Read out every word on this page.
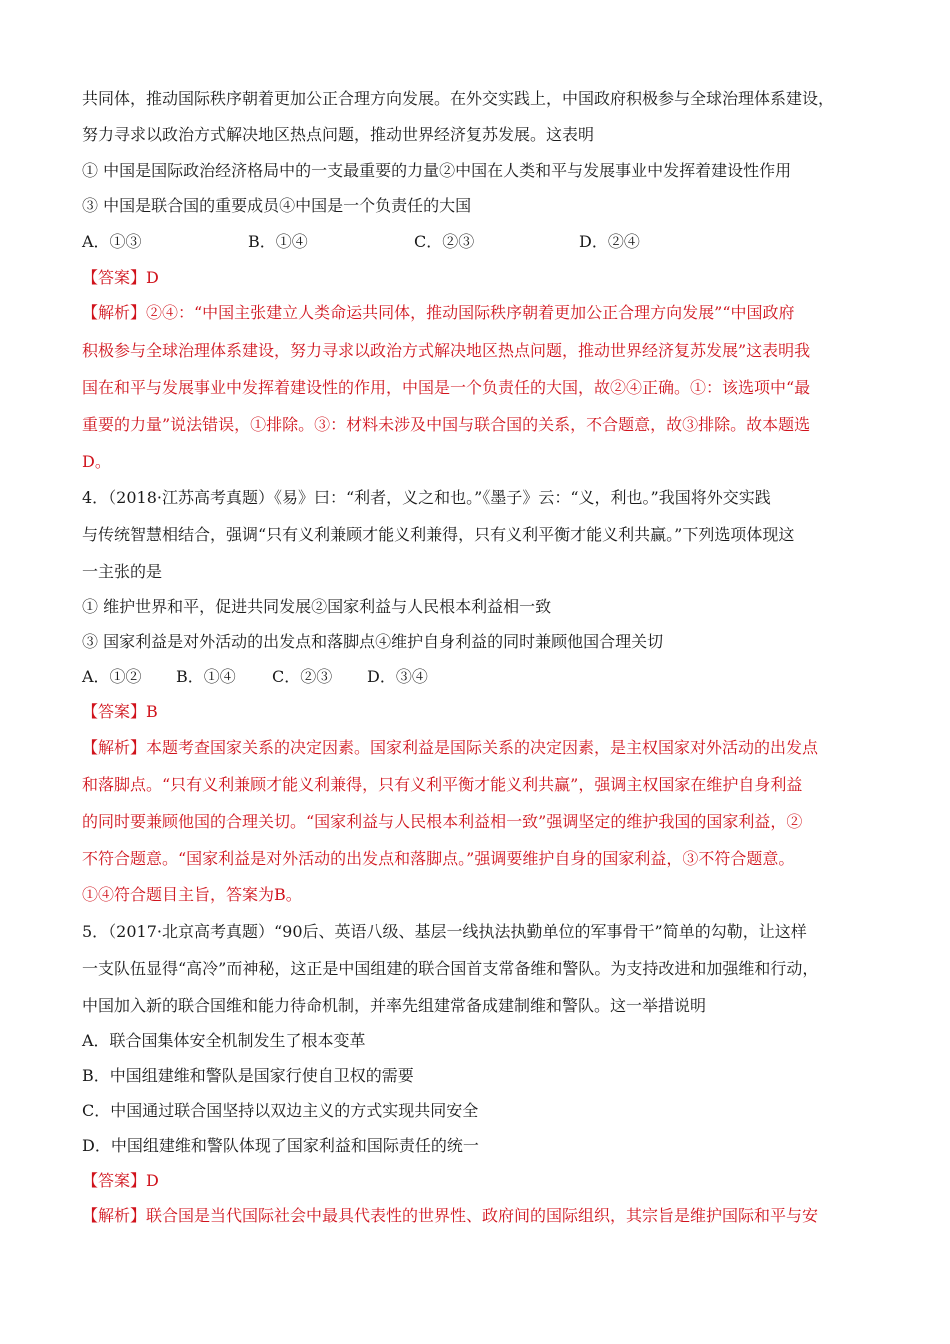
共同体，推动国际秩序朝着更加公正合理方向发展。在外交实践上，中国政府积极参与全球治理体系建设，
努力寻求以政治方式解决地区热点问题，推动世界经济复苏发展。这表明
① 中国是国际政治经济格局中的一支最重要的力量②中国在人类和平与发展事业中发挥着建设性作用
③ 中国是联合国的重要成员④中国是一个负责任的大国
A．①③	B．①④	C．②③	D．②④
【答案】D
【解析】②④：“中国主张建立人类命运共同体，推动国际秩序朝着更加公正合理方向发展”“中国政府
积极参与全球治理体系建设，努力寻求以政治方式解决地区热点问题，推动世界经济复苏发展”这表明我
国在和平与发展事业中发挥着建设性的作用，中国是一个负责任的大国，故②④正确。①：该选项中“最
重要的力量”说法错误，①排除。③：材料未涉及中国与联合国的关系，不合题意，故③排除。故本题选
D。
4．（2018·江苏高考真题）《易》曰：“利者，义之和也。”《墨子》云：“义，利也。”我国将外交实践
与传统智慧相结合，强调“只有义利兼顾才能义利兼得，只有义利平衡才能义利共赢。”下列选项体现这
一主张的是
① 维护世界和平，促进共同发展②国家利益与人民根本利益相一致
③ 国家利益是对外活动的出发点和落脚点④维护自身利益的同时兼顾他国合理关切
A．①② B．①④ C．②③ D．③④
【答案】B
【解析】本题考查国家关系的决定因素。国家利益是国际关系的决定因素，是主权国家对外活动的出发点
和落脚点。“只有义利兼顾才能义利兼得，只有义利平衡才能义利共赢”，强调主权国家在维护自身利益
的同时要兼顾他国的合理关切。“国家利益与人民根本利益相一致”强调坚定的维护我国的国家利益，②
不符合题意。“国家利益是对外活动的出发点和落脚点。”强调要维护自身的国家利益，③不符合题意。
①④符合题目主旨，答案为B。
5．（2017·北京高考真题）“90后、英语八级、基层一线执法执勤单位的军事骨干”简单的勾勒，让这样
一支队伍显得“高冷”而神秘，这正是中国组建的联合国首支常备维和警队。为支持改进和加强维和行动，
中国加入新的联合国维和能力待命机制，并率先组建常备成建制维和警队。这一举措说明
A．联合国集体安全机制发生了根本变革
B．中国组建维和警队是国家行使自卫权的需要
C．中国通过联合国坚持以双边主义的方式实现共同安全
D．中国组建维和警队体现了国家利益和国际责任的统一
【答案】D
【解析】联合国是当代国际社会中最具代表性的世界性、政府间的国际组织，其宗旨是维护国际和平与安
